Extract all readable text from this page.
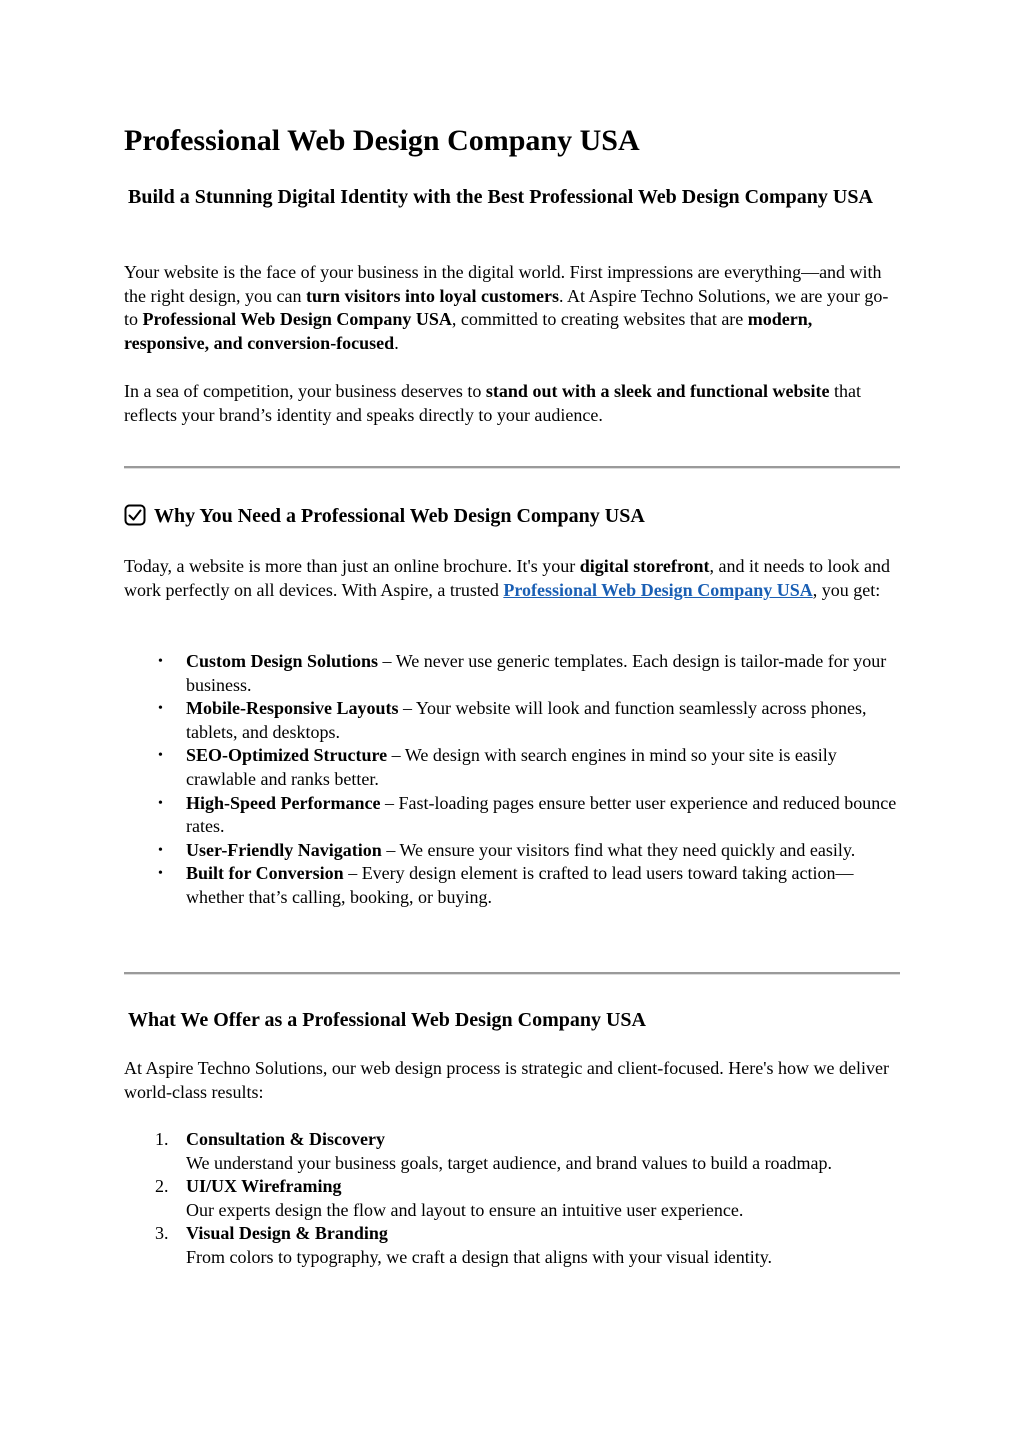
Professional Web Design Company USA
Build a Stunning Digital Identity with the Best Professional Web Design Company USA

Your website is the face of your business in the digital world. First impressions are everything—and with the right design, you can turn visitors into loyal customers. At Aspire Techno Solutions, we are your go-to Professional Web Design Company USA, committed to creating websites that are modern, responsive, and conversion-focused.

In a sea of competition, your business deserves to stand out with a sleek and functional website that reflects your brand’s identity and speaks directly to your audience.

Why You Need a Professional Web Design Company USA

Today, a website is more than just an online brochure. It's your digital storefront, and it needs to look and work perfectly on all devices. With Aspire, a trusted Professional Web Design Company USA, you get:

• Custom Design Solutions – We never use generic templates. Each design is tailor-made for your business.
• Mobile-Responsive Layouts – Your website will look and function seamlessly across phones, tablets, and desktops.
• SEO-Optimized Structure – We design with search engines in mind so your site is easily crawlable and ranks better.
• High-Speed Performance – Fast-loading pages ensure better user experience and reduced bounce rates.
• User-Friendly Navigation – We ensure your visitors find what they need quickly and easily.
• Built for Conversion – Every design element is crafted to lead users toward taking action—whether that’s calling, booking, or buying.
What We Offer as a Professional Web Design Company USA

At Aspire Techno Solutions, our web design process is strategic and client-focused. Here's how we deliver world-class results:

1. Consultation & Discovery
We understand your business goals, target audience, and brand values to build a roadmap.
2. UI/UX Wireframing
Our experts design the flow and layout to ensure an intuitive user experience.
3. Visual Design & Branding
From colors to typography, we craft a design that aligns with your visual identity.
